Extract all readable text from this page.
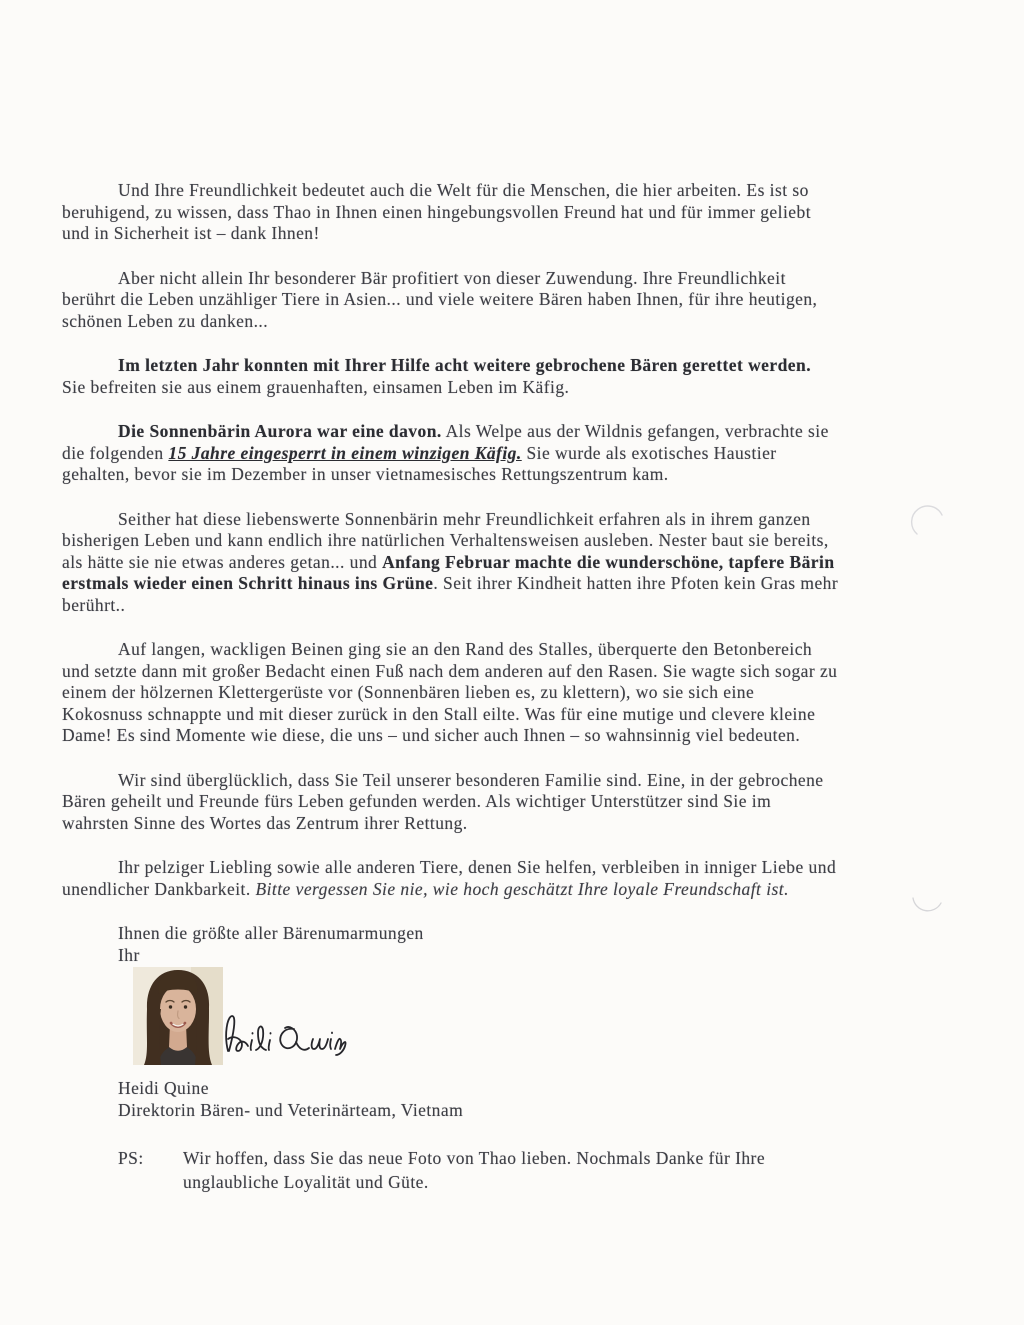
Und Ihre Freundlichkeit bedeutet auch die Welt für die Menschen, die hier arbeiten. Es ist so
beruhigend, zu wissen, dass Thao in Ihnen einen hingebungsvollen Freund hat und für immer geliebt
und in Sicherheit ist – dank Ihnen!
Aber nicht allein Ihr besonderer Bär profitiert von dieser Zuwendung. Ihre Freundlichkeit
berührt die Leben unzähliger Tiere in Asien... und viele weitere Bären haben Ihnen, für ihre heutigen,
schönen Leben zu danken...
Im letzten Jahr konnten mit Ihrer Hilfe acht weitere gebrochene Bären gerettet werden.
Sie befreiten sie aus einem grauenhaften, einsamen Leben im Käfig.
Die Sonnenbärin Aurora war eine davon. Als Welpe aus der Wildnis gefangen, verbrachte sie
die folgenden 15 Jahre eingesperrt in einem winzigen Käfig. Sie wurde als exotisches Haustier
gehalten, bevor sie im Dezember in unser vietnamesisches Rettungszentrum kam.
Seither hat diese liebenswerte Sonnenbärin mehr Freundlichkeit erfahren als in ihrem ganzen
bisherigen Leben und kann endlich ihre natürlichen Verhaltensweisen ausleben. Nester baut sie bereits,
als hätte sie nie etwas anderes getan... und Anfang Februar machte die wunderschöne, tapfere Bärin
erstmals wieder einen Schritt hinaus ins Grüne. Seit ihrer Kindheit hatten ihre Pfoten kein Gras mehr
berührt..
Auf langen, wackligen Beinen ging sie an den Rand des Stalles, überquerte den Betonbereich
und setzte dann mit großer Bedacht einen Fuß nach dem anderen auf den Rasen. Sie wagte sich sogar zu
einem der hölzernen Klettergerüste vor (Sonnenbären lieben es, zu klettern), wo sie sich eine
Kokosnuss schnappte und mit dieser zurück in den Stall eilte. Was für eine mutige und clevere kleine
Dame! Es sind Momente wie diese, die uns – und sicher auch Ihnen – so wahnsinnig viel bedeuten.
Wir sind überglücklich, dass Sie Teil unserer besonderen Familie sind. Eine, in der gebrochene
Bären geheilt und Freunde fürs Leben gefunden werden. Als wichtiger Unterstützer sind Sie im
wahrsten Sinne des Wortes das Zentrum ihrer Rettung.
Ihr pelziger Liebling sowie alle anderen Tiere, denen Sie helfen, verbleiben in inniger Liebe und
unendlicher Dankbarkeit. Bitte vergessen Sie nie, wie hoch geschätzt Ihre loyale Freundschaft ist.
Ihnen die größte aller Bärenumarmungen
Ihr
Heidi Quine
Direktorin Bären- und Veterinärteam, Vietnam
PS:	Wir hoffen, dass Sie das neue Foto von Thao lieben. Nochmals Danke für Ihre
unglaubliche Loyalität und Güte.
